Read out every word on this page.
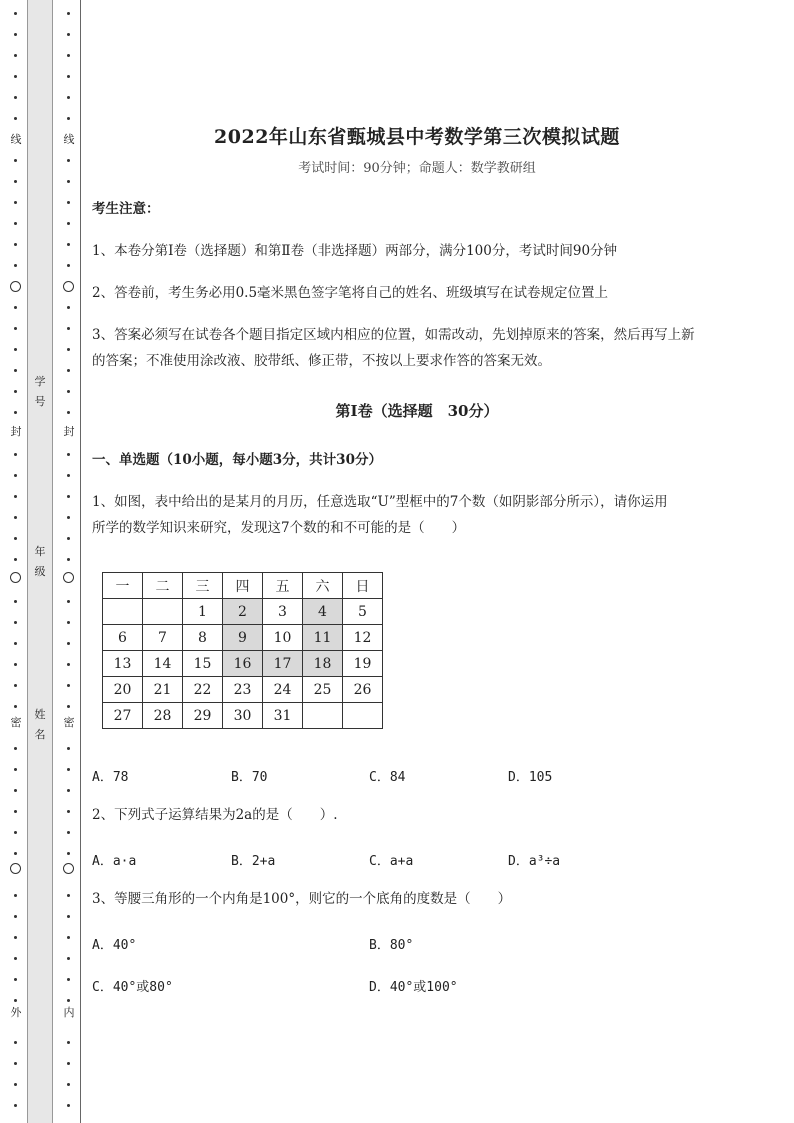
线
封
密
外
学
号
年
级
姓
名
线
封
密
内
2022年山东省甄城县中考数学第三次模拟试题
考试时间：90分钟；命题人：数学教研组
考生注意：
1、本卷分第I卷（选择题）和第Ⅱ卷（非选择题）两部分，满分100分，考试时间90分钟
2、答卷前，考生务必用0.5毫米黑色签字笔将自己的姓名、班级填写在试卷规定位置上
3、答案必须写在试卷各个题目指定区域内相应的位置，如需改动，先划掉原来的答案，然后再写上新
的答案；不准使用涂改液、胶带纸、修正带，不按以上要求作答的答案无效。
第I卷（选择题　30分）
一、单选题（10小题，每小题3分，共计30分）
1、如图，表中给出的是某月的月历，任意选取“U”型框中的7个数（如阴影部分所示），请你运用
所学的数学知识来研究，发现这7个数的和不可能的是（　　）
一	二	三	四	五	六	日
		1	2	3	4	5
6	7	8	9	10	11	12
13	14	15	16	17	18	19
20	21	22	23	24	25	26
27	28	29	30	31		
A．78	B．70	C．84	D．105
2、下列式子运算结果为2a的是（　　）.
A．a·a	B．2+a	C．a+a	D．a³÷a
3、等腰三角形的一个内角是100°，则它的一个底角的度数是（　　）
A．40°	B．80°
C．40°或80°	D．40°或100°
